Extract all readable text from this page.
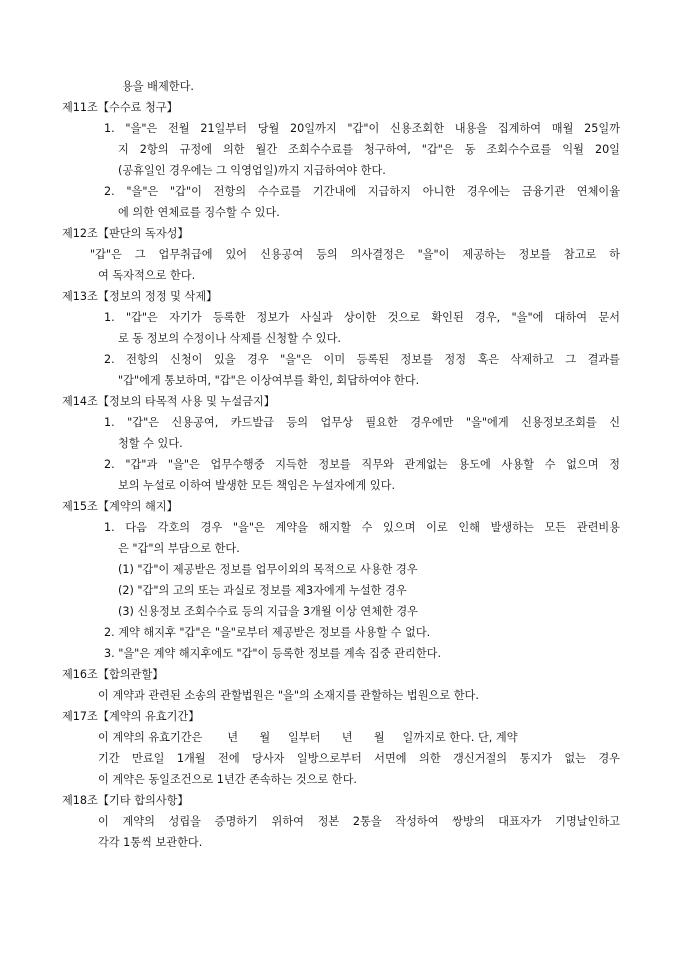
용을 배제한다.
제11조【수수료 청구】
1. "을"은 전월 21일부터 당월 20일까지 "갑"이 신용조회한 내용을 집계하여 매월 25일까
지 2항의 규정에 의한 월간 조회수수료를 청구하여, "갑"은 동 조회수수료를 익월 20일
(공휴일인 경우에는 그 익영업일)까지 지급하여야 한다.
2. "을"은 "갑"이 전항의 수수료를 기간내에 지급하지 아니한 경우에는 금융기관 연체이율
에 의한 연체료를 징수할 수 있다.
제12조【판단의 독자성】
"갑"은 그 업무취급에 있어 신용공여 등의 의사결정은 "을"이 제공하는 정보를 참고로 하
여 독자적으로 한다.
제13조【정보의 정정 및 삭제】
1. "갑"은 자기가 등록한 정보가 사실과 상이한 것으로 확인된 경우, "을"에 대하여 문서
로 동 정보의 수정이나 삭제를 신청할 수 있다.
2. 전항의 신청이 있을 경우 "을"은 이미 등록된 정보를 정정 혹은 삭제하고 그 결과를
"갑"에게 통보하며, "갑"은 이상여부를 확인, 회답하여야 한다.
제14조【정보의 타목적 사용 및 누설금지】
1. "갑"은 신용공여, 카드발급 등의 업무상 필요한 경우에만 "을"에게 신용정보조회를 신
청할 수 있다.
2. "갑"과 "을"은 업무수행중 지득한 정보를 직무와 관계없는 용도에 사용할 수 없으며 정
보의 누설로 이하여 발생한 모든 책임은 누설자에게 있다.
제15조【계약의 해지】
1. 다음 각호의 경우 "을"은 계약을 해지할 수 있으며 이로 인해 발생하는 모든 관련비용
은 "갑"의 부담으로 한다.
(1) "갑"이 제공받은 정보를 업무이외의 목적으로 사용한 경우
(2) "갑"의 고의 또는 과실로 정보를 제3자에게 누설한 경우
(3) 신용정보 조회수수료 등의 지급을 3개월 이상 연체한 경우
2. 계약 해지후 "갑"은 "을"로부터 제공받은 정보를 사용할 수 없다.
3. "을"은 계약 해지후에도 "갑"이 등록한 정보를 계속 집중 관리한다.
제16조【합의관할】
이 계약과 관련된 소송의 관할법원은 "을"의 소재지를 관할하는 법원으로 한다.
제17조【계약의 유효기간】
이 계약의 유효기간은       년      월     일부터      년      월     일까지로 한다. 단, 계약
기간 만료일 1개월 전에 당사자 일방으로부터 서면에 의한 갱신거절의 통지가 없는 경우
이 계약은 동일조건으로 1년간 존속하는 것으로 한다.
제18조【기타 합의사항】
이 계약의 성립을 증명하기 위하여 정본 2통을 작성하여 쌍방의 대표자가 기명날인하고
각각 1통씩 보관한다.
